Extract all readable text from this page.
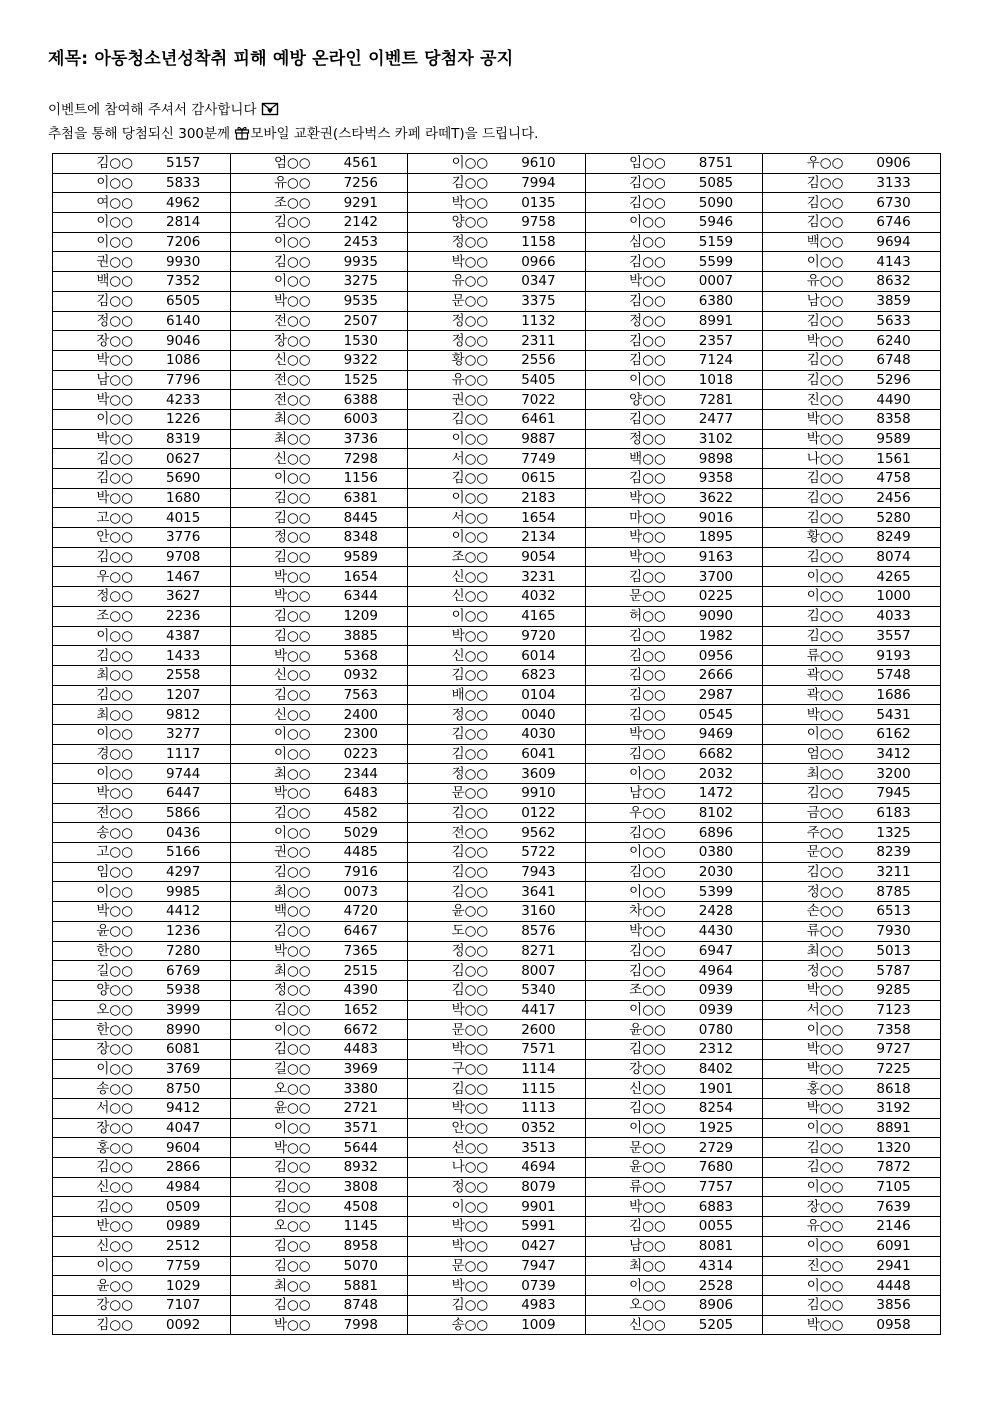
제목: 아동청소년성착취 피해 예방 온라인 이벤트 당첨자 공지
이벤트에 참여해 주셔서 감사합니다
추첨을 통해 당첨되신 300분께 모바일 교환권(스타벅스 카페 라떼T)을 드립니다.
김○○ 5157	엄○○ 4561	이○○ 9610	임○○ 8751	우○○ 0906

이○○ 5833	유○○ 7256	김○○ 7994	김○○ 5085	김○○ 3133

여○○ 4962	조○○ 9291	박○○ 0135	김○○ 5090	김○○ 6730

이○○ 2814	김○○ 2142	양○○ 9758	이○○ 5946	김○○ 6746

이○○ 7206	이○○ 2453	정○○ 1158	심○○ 5159	백○○ 9694

권○○ 9930	김○○ 9935	박○○ 0966	김○○ 5599	이○○ 4143

백○○ 7352	이○○ 3275	유○○ 0347	박○○ 0007	유○○ 8632

김○○ 6505	박○○ 9535	문○○ 3375	김○○ 6380	남○○ 3859

정○○ 6140	전○○ 2507	정○○ 1132	정○○ 8991	김○○ 5633

장○○ 9046	장○○ 1530	정○○ 2311	김○○ 2357	박○○ 6240

박○○ 1086	신○○ 9322	황○○ 2556	김○○ 7124	김○○ 6748

남○○ 7796	전○○ 1525	유○○ 5405	이○○ 1018	김○○ 5296

박○○ 4233	전○○ 6388	권○○ 7022	양○○ 7281	진○○ 4490

이○○ 1226	최○○ 6003	김○○ 6461	김○○ 2477	박○○ 8358

박○○ 8319	최○○ 3736	이○○ 9887	정○○ 3102	박○○ 9589

김○○ 0627	신○○ 7298	서○○ 7749	백○○ 9898	나○○ 1561

김○○ 5690	이○○ 1156	김○○ 0615	김○○ 9358	김○○ 4758

박○○ 1680	김○○ 6381	이○○ 2183	박○○ 3622	김○○ 2456

고○○ 4015	김○○ 8445	서○○ 1654	마○○ 9016	김○○ 5280

안○○ 3776	정○○ 8348	이○○ 2134	박○○ 1895	황○○ 8249

김○○ 9708	김○○ 9589	조○○ 9054	박○○ 9163	김○○ 8074

우○○ 1467	박○○ 1654	신○○ 3231	김○○ 3700	이○○ 4265

정○○ 3627	박○○ 6344	신○○ 4032	문○○ 0225	이○○ 1000

조○○ 2236	김○○ 1209	이○○ 4165	허○○ 9090	김○○ 4033

이○○ 4387	김○○ 3885	박○○ 9720	김○○ 1982	김○○ 3557

김○○ 1433	박○○ 5368	신○○ 6014	김○○ 0956	류○○ 9193

최○○ 2558	신○○ 0932	김○○ 6823	김○○ 2666	곽○○ 5748

김○○ 1207	김○○ 7563	배○○ 0104	김○○ 2987	곽○○ 1686

최○○ 9812	신○○ 2400	정○○ 0040	김○○ 0545	박○○ 5431

이○○ 3277	이○○ 2300	김○○ 4030	박○○ 9469	이○○ 6162

경○○ 1117	이○○ 0223	김○○ 6041	김○○ 6682	엄○○ 3412

이○○ 9744	최○○ 2344	정○○ 3609	이○○ 2032	최○○ 3200

박○○ 6447	박○○ 6483	문○○ 9910	남○○ 1472	김○○ 7945

전○○ 5866	김○○ 4582	김○○ 0122	우○○ 8102	금○○ 6183

송○○ 0436	이○○ 5029	전○○ 9562	김○○ 6896	주○○ 1325

고○○ 5166	권○○ 4485	김○○ 5722	이○○ 0380	문○○ 8239

임○○ 4297	김○○ 7916	김○○ 7943	김○○ 2030	김○○ 3211

이○○ 9985	최○○ 0073	김○○ 3641	이○○ 5399	정○○ 8785

박○○ 4412	백○○ 4720	윤○○ 3160	차○○ 2428	손○○ 6513

윤○○ 1236	김○○ 6467	도○○ 8576	박○○ 4430	류○○ 7930

한○○ 7280	박○○ 7365	정○○ 8271	김○○ 6947	최○○ 5013

길○○ 6769	최○○ 2515	김○○ 8007	김○○ 4964	정○○ 5787

양○○ 5938	정○○ 4390	김○○ 5340	조○○ 0939	박○○ 9285

오○○ 3999	김○○ 1652	박○○ 4417	이○○ 0939	서○○ 7123

한○○ 8990	이○○ 6672	문○○ 2600	윤○○ 0780	이○○ 7358

장○○ 6081	김○○ 4483	박○○ 7571	김○○ 2312	박○○ 9727

이○○ 3769	길○○ 3969	구○○ 1114	강○○ 8402	박○○ 7225

송○○ 8750	오○○ 3380	김○○ 1115	신○○ 1901	홍○○ 8618

서○○ 9412	윤○○ 2721	박○○ 1113	김○○ 8254	박○○ 3192

장○○ 4047	이○○ 3571	안○○ 0352	이○○ 1925	이○○ 8891

홍○○ 9604	박○○ 5644	선○○ 3513	문○○ 2729	김○○ 1320

김○○ 2866	김○○ 8932	나○○ 4694	윤○○ 7680	김○○ 7872

신○○ 4984	김○○ 3808	정○○ 8079	류○○ 7757	이○○ 7105

김○○ 0509	김○○ 4508	이○○ 9901	박○○ 6883	장○○ 7639

반○○ 0989	오○○ 1145	박○○ 5991	김○○ 0055	유○○ 2146

신○○ 2512	김○○ 8958	박○○ 0427	남○○ 8081	이○○ 6091

이○○ 7759	김○○ 5070	문○○ 7947	최○○ 4314	진○○ 2941

윤○○ 1029	최○○ 5881	박○○ 0739	이○○ 2528	이○○ 4448

강○○ 7107	김○○ 8748	김○○ 4983	오○○ 8906	김○○ 3856

김○○ 0092	박○○ 7998	송○○ 1009	신○○ 5205	박○○ 0958
